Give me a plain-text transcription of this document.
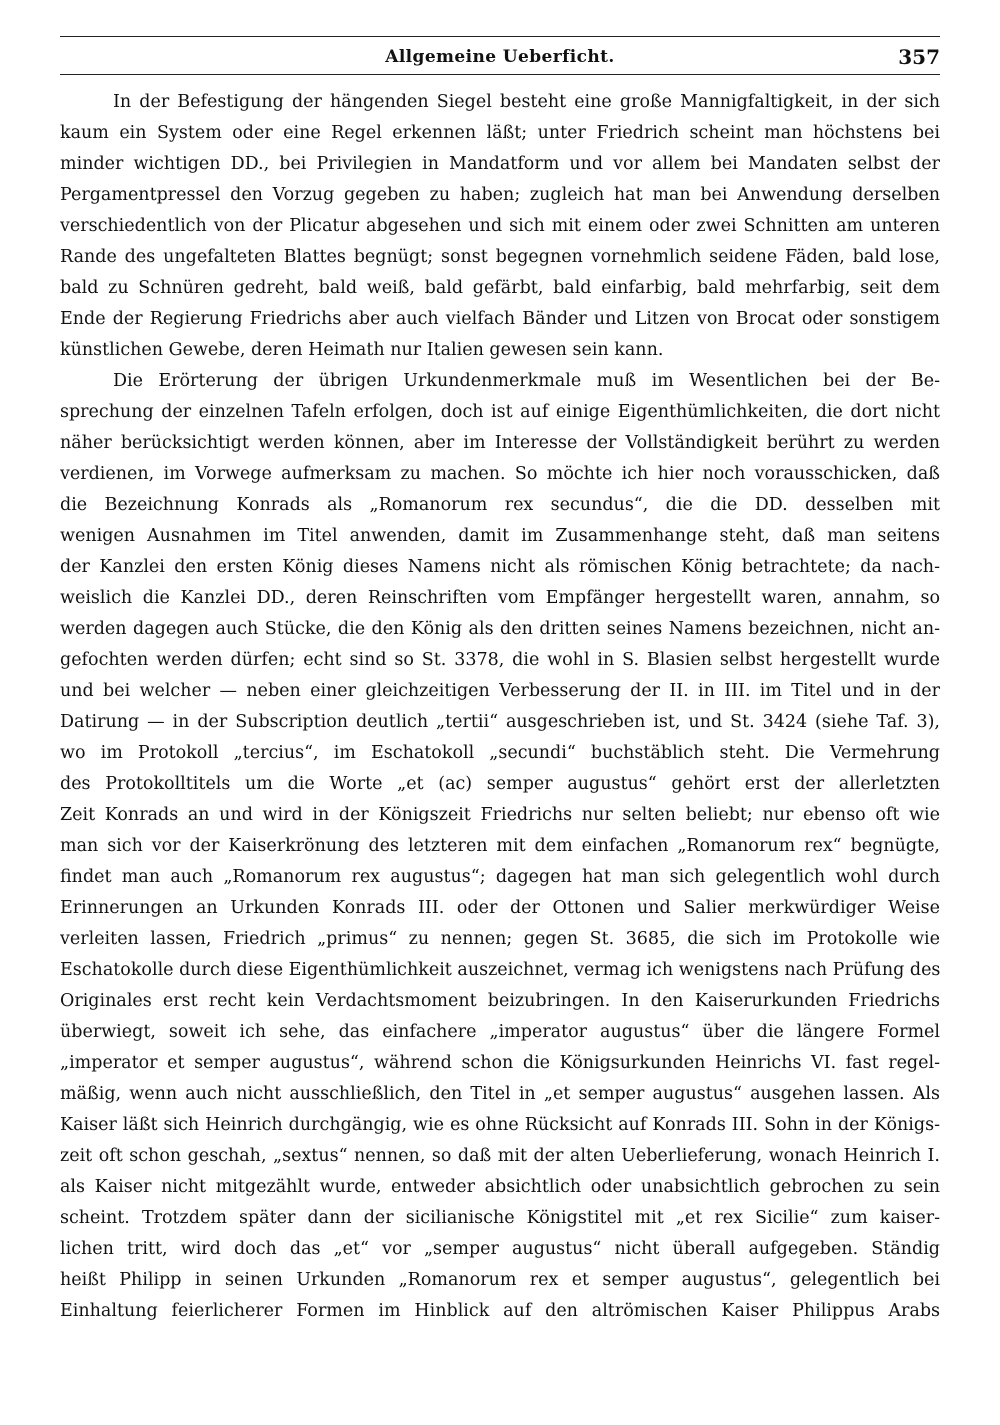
Allgemeine Ueberficht.	357
In der Befestigung der hängenden Siegel besteht eine große Mannigfaltigkeit, in der sich
kaum ein System oder eine Regel erkennen läßt; unter Friedrich scheint man höchstens bei
minder wichtigen DD., bei Privilegien in Mandatform und vor allem bei Mandaten selbst der
Pergamentpressel den Vorzug gegeben zu haben; zugleich hat man bei Anwendung derselben
verschiedentlich von der Plicatur abgesehen und sich mit einem oder zwei Schnitten am unteren
Rande des ungefalteten Blattes begnügt; sonst begegnen vornehmlich seidene Fäden, bald lose,
bald zu Schnüren gedreht, bald weiß, bald gefärbt, bald einfarbig, bald mehrfarbig, seit dem
Ende der Regierung Friedrichs aber auch vielfach Bänder und Litzen von Brocat oder sonstigem
künstlichen Gewebe, deren Heimath nur Italien gewesen sein kann.
Die Erörterung der übrigen Urkundenmerkmale muß im Wesentlichen bei der Be-
sprechung der einzelnen Tafeln erfolgen, doch ist auf einige Eigenthümlichkeiten, die dort nicht
näher berücksichtigt werden können, aber im Interesse der Vollständigkeit berührt zu werden
verdienen, im Vorwege aufmerksam zu machen. So möchte ich hier noch vorausschicken, daß
die Bezeichnung Konrads als „Romanorum rex secundus“, die die DD. desselben mit
wenigen Ausnahmen im Titel anwenden, damit im Zusammenhange steht, daß man seitens
der Kanzlei den ersten König dieses Namens nicht als römischen König betrachtete; da nach-
weislich die Kanzlei DD., deren Reinschriften vom Empfänger hergestellt waren, annahm, so
werden dagegen auch Stücke, die den König als den dritten seines Namens bezeichnen, nicht an-
gefochten werden dürfen; echt sind so St. 3378, die wohl in S. Blasien selbst hergestellt wurde
und bei welcher — neben einer gleichzeitigen Verbesserung der II. in III. im Titel und in der
Datirung — in der Subscription deutlich „tertii“ ausgeschrieben ist, und St. 3424 (siehe Taf. 3),
wo im Protokoll „tercius“, im Eschatokoll „secundi“ buchstäblich steht. Die Vermehrung
des Protokolltitels um die Worte „et (ac) semper augustus“ gehört erst der allerletzten
Zeit Konrads an und wird in der Königszeit Friedrichs nur selten beliebt; nur ebenso oft wie
man sich vor der Kaiserkrönung des letzteren mit dem einfachen „Romanorum rex“ begnügte,
findet man auch „Romanorum rex augustus“; dagegen hat man sich gelegentlich wohl durch
Erinnerungen an Urkunden Konrads III. oder der Ottonen und Salier merkwürdiger Weise
verleiten lassen, Friedrich „primus“ zu nennen; gegen St. 3685, die sich im Protokolle wie
Eschatokolle durch diese Eigenthümlichkeit auszeichnet, vermag ich wenigstens nach Prüfung des
Originales erst recht kein Verdachtsmoment beizubringen. In den Kaiserurkunden Friedrichs
überwiegt, soweit ich sehe, das einfachere „imperator augustus“ über die längere Formel
„imperator et semper augustus“, während schon die Königsurkunden Heinrichs VI. fast regel-
mäßig, wenn auch nicht ausschließlich, den Titel in „et semper augustus“ ausgehen lassen. Als
Kaiser läßt sich Heinrich durchgängig, wie es ohne Rücksicht auf Konrads III. Sohn in der Königs-
zeit oft schon geschah, „sextus“ nennen, so daß mit der alten Ueberlieferung, wonach Heinrich I.
als Kaiser nicht mitgezählt wurde, entweder absichtlich oder unabsichtlich gebrochen zu sein
scheint. Trotzdem später dann der sicilianische Königstitel mit „et rex Sicilie“ zum kaiser-
lichen tritt, wird doch das „et“ vor „semper augustus“ nicht überall aufgegeben. Ständig
heißt Philipp in seinen Urkunden „Romanorum rex et semper augustus“, gelegentlich bei
Einhaltung feierlicherer Formen im Hinblick auf den altrömischen Kaiser Philippus Arabs
